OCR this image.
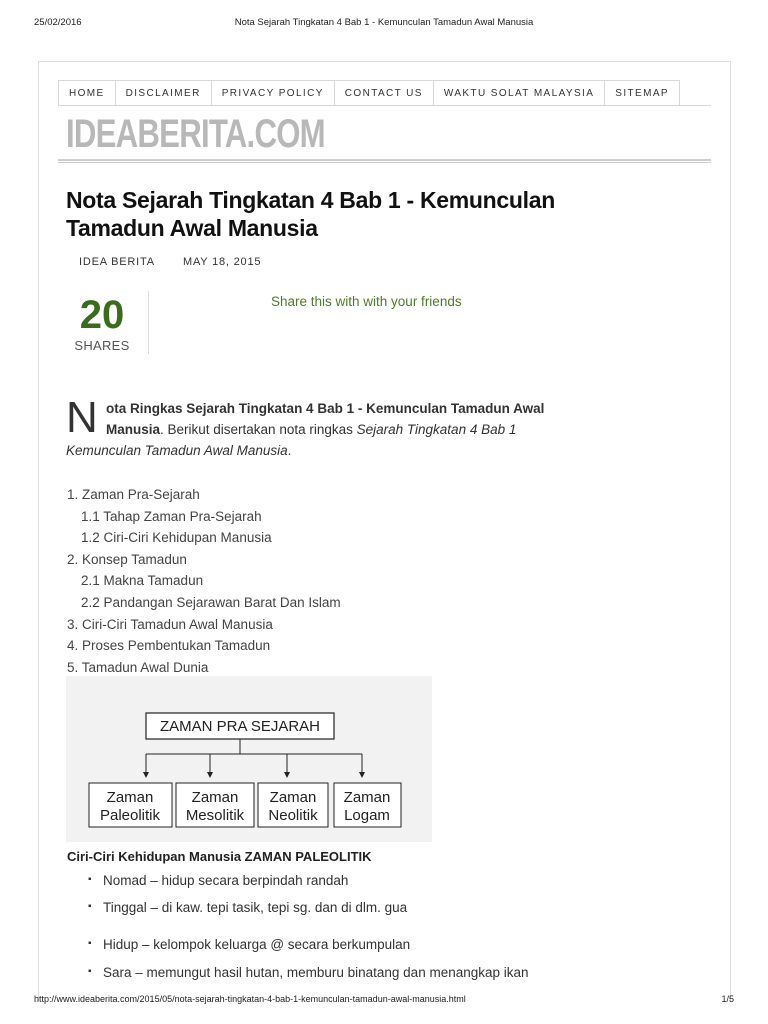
25/02/2016	Nota Sejarah Tingkatan 4 Bab 1 - Kemunculan Tamadun Awal Manusia
HOME	DISCLAIMER	PRIVACY POLICY	CONTACT US	WAKTU SOLAT MALAYSIA	SITEMAP
IDEABERITA.COM
Nota Sejarah Tingkatan 4 Bab 1 - Kemunculan
Tamadun Awal Manusia
IDEA BERITA	MAY 18, 2015
20
SHARES
Share this with with your friends
N ota Ringkas Sejarah Tingkatan 4 Bab 1 - Kemunculan Tamadun Awal
Manusia. Berikut disertakan nota ringkas Sejarah Tingkatan 4 Bab 1
Kemunculan Tamadun Awal Manusia.
1. Zaman Pra-Sejarah
1.1 Tahap Zaman Pra-Sejarah
1.2 Ciri-Ciri Kehidupan Manusia
2. Konsep Tamadun
2.1 Makna Tamadun
2.2 Pandangan Sejarawan Barat Dan Islam
3. Ciri-Ciri Tamadun Awal Manusia
4. Proses Pembentukan Tamadun
5. Tamadun Awal Dunia
ZAMAN PRA SEJARAH
Zaman
Paleolitik
Zaman
Mesolitik
Zaman
Neolitik
Zaman
Logam
Ciri-Ciri Kehidupan Manusia ZAMAN PALEOLITIK
▪ Nomad – hidup secara berpindah randah
▪ Tinggal – di kaw. tepi tasik, tepi sg. dan di dlm. gua
▪ Hidup – kelompok keluarga @ secara berkumpulan
▪ Sara – memungut hasil hutan, memburu binatang dan menangkap ikan
http://www.ideaberita.com/2015/05/nota-sejarah-tingkatan-4-bab-1-kemunculan-tamadun-awal-manusia.html	1/5
